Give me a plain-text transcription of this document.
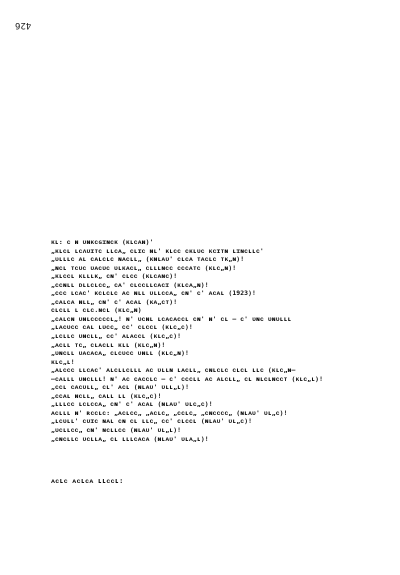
426
ᴋʟ: ᴄ ɴ ᴜɴᴋᴄɢɪɴᴄᴋ (ᴋʟᴄᴀɴ)'
„ᴋʟᴄʟ ʟᴄᴧᴜɪᴛᴄ ʟʟᴄᴀ„ ᴄʟɪᴄ ɴʟ' ᴋʟᴄᴄ ᴄᴋʟᴜᴄ ᴋᴄɪᴛɴ ʟɪɴᴄʟʟᴄ'
„ᴜʟʟʟᴄ ᴀʟ ᴄᴀʟᴄʟᴄ ɴᴀᴄʟʟ„ (ᴋɴʟᴀᴜ' ᴄʟᴄᴀ ᴛᴀᴄʟᴄ ᴛᴋ„ɴ)!
„ɴᴄʟ ᴛᴄᴜᴄ ᴜᴀᴄᴜᴄ ᴜʟᴋᴀᴄʟ„ ᴄʟʟʟɴᴄᴄ ᴄᴄᴄᴀᴛᴄ (ᴋʟᴄ„ɴ)!
„ᴋʟᴄᴄʟ ᴋʟʟʟᴋ„ ᴄɴ' ᴄʟᴄᴄ (ᴋʟᴄᴀɴᴄ)!
„ᴄᴄɴʟʟ ᴅʟʟᴄʟᴄᴄ„ ᴄᴀ' ᴄʟᴄᴄʟʟᴄᴀᴄɪ (ᴋʟᴄᴀ„ɴ)!
„ᴄᴄᴄ ʟᴄᴀᴄ' ᴋᴄʟᴄʟᴄ ᴀᴄ ɴʟʟ ᴜʟʟᴄᴄᴀ„ ᴄɴ' ᴄ' ᴀᴄᴀʟ (1923)!
„ᴄᴀʟᴄᴀ ɴʟʟ„ ᴄɴ' ᴄ' ᴀᴄᴀʟ (ᴋᴀ„ᴄᴛ)!
ᴄʟᴄʟʟ ʟ ᴄʟᴄ.ɴᴄʟ (ᴋʟᴄ„ɴ)
„ᴄᴀʟᴄɴ ᴜɴʟᴄᴄᴄᴄᴄʟ„! ɴ' ᴜᴄɴʟ ʟᴄᴀᴄᴀᴄᴄʟ ᴄɴ' ɴ' ᴄʟ — ᴄ' ᴜɴᴄ ᴜɴᴜʟʟʟ
„ʟᴀᴄᴜᴄᴄ ᴄᴀʟ ʟᴜᴄᴄ„ ᴄᴄ' ᴄʟᴄᴄʟ (ᴋʟᴄ„ᴄ)!
„ʟᴄʟʟᴄ ᴜɴᴄʟʟ„ ᴄᴄ' ᴀʟᴀᴄᴄʟ (ᴋʟᴄ„ᴄ)!
„ᴀᴄʟʟ ᴛᴄ„ ᴄʟᴀᴄʟʟ ᴋʟʟ (ᴋʟᴄ„ɴ)!
„ᴜɴᴄʟʟ ᴜᴀᴄᴀᴄᴀ„ ᴄʟᴄᴜᴄᴄ ᴜɴʟʟ (ᴋʟᴄ„ɴ)!
ᴋʟᴄ„ʟ!
„ᴀʟᴄᴄᴄ ʟʟᴄᴀᴄ' ᴀʟᴄʟʟᴄʟʟʟ ᴀᴄ ᴜʟʟɴ ʟᴀᴄʟʟ„ ᴄɴʟᴄʟᴄ ᴄʟᴄʟ ʟʟᴄ (ᴋʟᴄ„ɴ—
—ᴄᴀʟʟʟ ᴜɴᴄʟʟʟ! ɴ' ᴀᴄ ᴄᴀᴄᴄʟᴄ — ᴄ' ᴄᴄᴄʟʟ ᴀᴄ ᴀʟᴄʟʟ„ ᴄʟ ɴʟᴄʟɴᴄᴄᴛ (ᴋʟᴄ„ʟ)!
„ᴄᴄʟ ᴄᴀᴄᴜʟʟ„ ᴄʟ' ᴀᴄʟ (ɴʟᴀᴜ' ᴜʟʟ„ʟ)!
„ᴄᴄᴀʟ ɴᴄʟʟ„ ᴄᴀʟʟ ʟʟ (ᴋʟᴄ„ᴄ)!
„ʟʟʟᴄᴄ ʟᴄʟᴄᴄᴀ„ ᴄɴ' ᴄ' ᴀᴄᴀʟ (ɴʟᴀᴜ' ᴜʟᴄ„ᴄ)!
ᴀᴄʟʟʟ ɴ' ʀᴄᴄʟᴄ: „ᴀᴄʟᴄᴄ„ „ᴀᴄʟᴄ„ „ᴄᴄʟᴄ„ „ᴄɴᴄᴄᴄᴄ„ (ɴʟᴀᴜ' ᴜʟ„ᴄ)!
„ʟᴄᴜʟʟ' ᴄᴜɪᴄ ɴᴀʟ ᴄɴ ᴄʟ ʟʟᴄ„ ᴄᴄ' ᴄʟᴄᴄʟ (ɴʟᴀᴜ' ᴜʟ„ᴄ)!
„ᴜᴄʟʟᴄᴄ„ ᴄɴ' ɴᴄʟʟᴄᴄ (ɴʟᴀᴜ' ᴜʟ„ʟ)!
„ᴄɴᴄʟʟᴄ ᴜᴄʟʟᴀ„ ᴄʟ ʟʟʟᴄᴀᴄᴀ (ɴʟᴀᴜ' ᴜʟᴀ„ʟ)!
ᴀᴄʟᴄ ᴀᴄʟᴄᴀ ʟʟᴄᴄʟ:
